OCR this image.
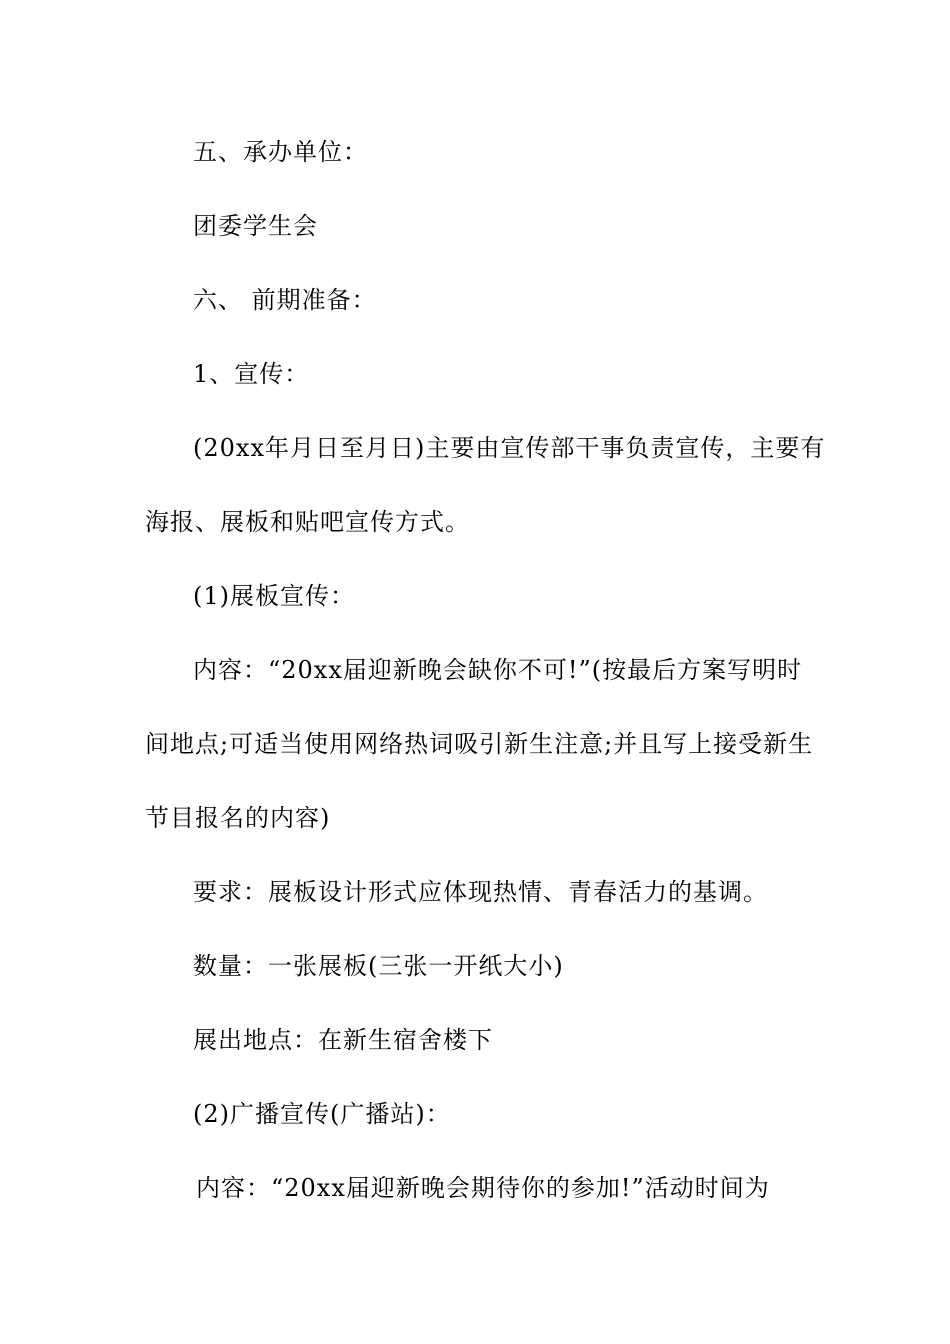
五、承办单位：
团委学生会
六、 前期准备：
1、宣传：
(20xx年月日至月日)主要由宣传部干事负责宣传，主要有
海报、展板和贴吧宣传方式。
(1)展板宣传：
内容：“20xx届迎新晚会缺你不可!”(按最后方案写明时
间地点;可适当使用网络热词吸引新生注意;并且写上接受新生
节目报名的内容)
要求：展板设计形式应体现热情、青春活力的基调。
数量：一张展板(三张一开纸大小)
展出地点：在新生宿舍楼下
(2)广播宣传(广播站)：
内容：“20xx届迎新晚会期待你的参加!”活动时间为
